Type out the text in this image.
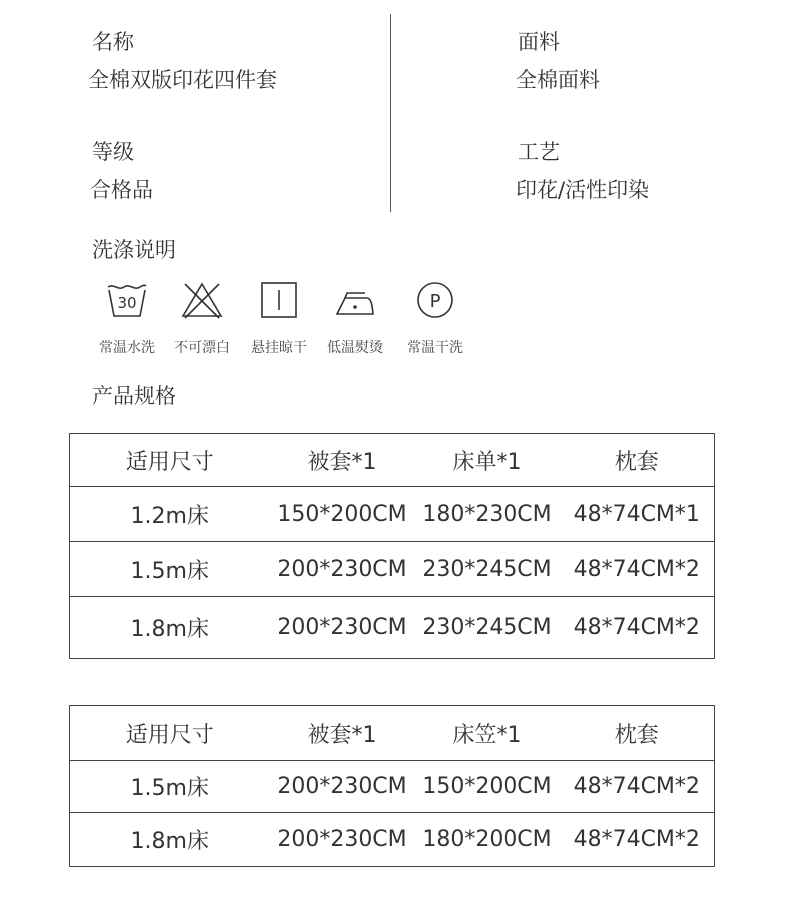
名称
全棉双版印花四件套
面料
全棉面料
等级
合格品
工艺
印花/活性印染
洗涤说明
30
常温水洗	不可漂白	悬挂晾干	低温熨烫
P
常温干洗
产品规格
适用尺寸	被套*1	床单*1	枕套
1.2m床	150*200CM	180*230CM	48*74CM*1
1.5m床	200*230CM	230*245CM	48*74CM*2
1.8m床	200*230CM	230*245CM	48*74CM*2
适用尺寸	被套*1	床笠*1	枕套
1.5m床	200*230CM	150*200CM	48*74CM*2
1.8m床	200*230CM	180*200CM	48*74CM*2
